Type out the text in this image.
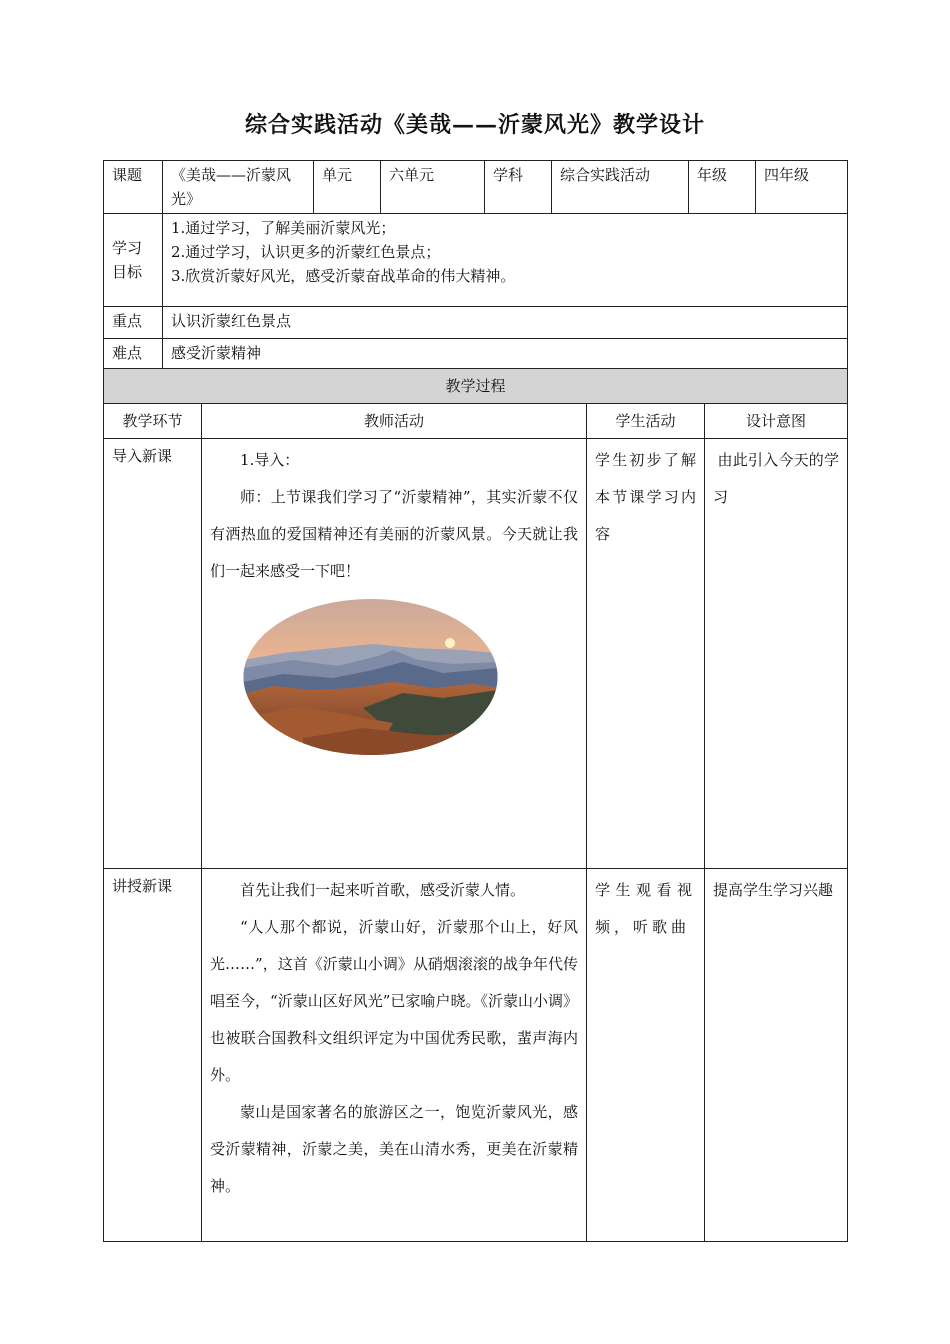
综合实践活动《美哉——沂蒙风光》教学设计
课题	《美哉——沂蒙风光》	单元	六单元	学科	综合实践活动	年级	四年级
学习目标	1.通过学习，了解美丽沂蒙风光；
2.通过学习，认识更多的沂蒙红色景点；
3.欣赏沂蒙好风光，感受沂蒙奋战革命的伟大精神。						

重点	认识沂蒙红色景点						
难点	感受沂蒙精神						
教学过程			
教学环节	教师活动	学生活动	设计意图

导入新课	1.导入：

师：上节课我们学习了“沂蒙精神”，其实沂蒙不仅有洒热血的爱国精神还有美丽的沂蒙风景。今天就让我们一起来感受一下吧！	学生初步了解本节课学习内容	由此引入今天的学习

讲授新课	首先让我们一起来听首歌，感受沂蒙人情。

“人人那个都说，沂蒙山好，沂蒙那个山上，好风光……”，这首《沂蒙山小调》从硝烟滚滚的战争年代传唱至今，“沂蒙山区好风光”已家喻户晓。《沂蒙山小调》也被联合国教科文组织评定为中国优秀民歌，蜚声海内外。

蒙山是国家著名的旅游区之一，饱览沂蒙风光，感受沂蒙精神，沂蒙之美，美在山清水秀，更美在沂蒙精神。	学生观看视频，听歌曲	提高学生学习兴趣
